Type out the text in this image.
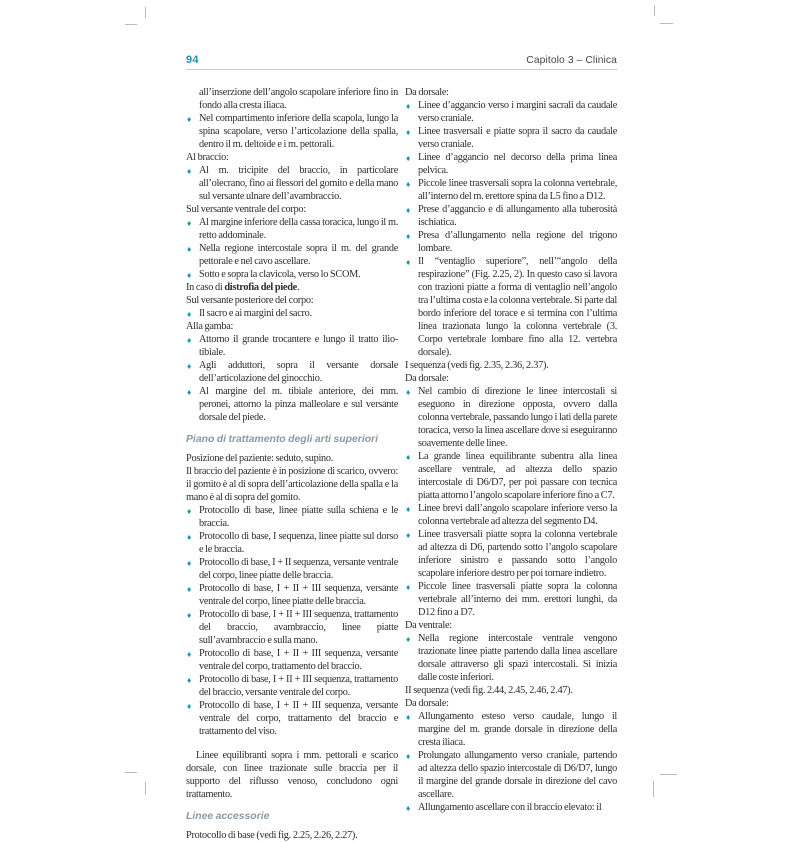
94	Capitolo 3 – Clinica
all’inserzione dell’angolo scapolare inferiore fino in fondo alla cresta iliaca.
♦ Nel compartimento inferiore della scapola, lungo la spina scapolare, verso l’articolazione della spalla, dentro il m. deltoide e i m. pettorali.
Al braccio:
♦ Al m. tricipite del braccio, in particolare all’olecrano, fino ai flessori del gomito e della mano sul versante ulnare dell’avambraccio.
Sul versante ventrale del corpo:
♦ Al margine inferiore della cassa toracica, lungo il m. retto addominale.
♦ Nella regione intercostale sopra il m. del grande pettorale e nel cavo ascellare.
♦ Sotto e sopra la clavicola, verso lo SCOM.
In caso di distrofia del piede.
Sul versante posteriore del corpo:
♦ Il sacro e ai margini del sacro.
Alla gamba:
♦ Attorno il grande trocantere e lungo il tratto ilio-tibiale.
♦ Agli adduttori, sopra il versante dorsale dell’articolazione del ginocchio.
♦ Al margine del m. tibiale anteriore, dei mm. peronei, attorno la pinza malleolare e sul versante dorsale del piede.
Piano di trattamento degli arti superiori
Posizione del paziente: seduto, supino.
Il braccio del paziente è in posizione di scarico, ovvero: il gomito è al di sopra dell’articolazione della spalla e la mano è al di sopra del gomito.
♦ Protocollo di base, linee piatte sulla schiena e le braccia.
♦ Protocollo di base, I sequenza, linee piatte sul dorso e le braccia.
♦ Protocollo di base, I + II sequenza, versante ventrale del corpo, linee piatte delle braccia.
♦ Protocollo di base, I + II + III sequenza, versante ventrale del corpo, linee piatte delle braccia.
♦ Protocollo di base, I + II + III sequenza, trattamento del braccio, avambraccio, linee piatte sull’avambraccio e sulla mano.
♦ Protocollo di base, I + II + III sequenza, versante ventrale del corpo, trattamento del braccio.
♦ Protocollo di base, I + II + III sequenza, trattamento del braccio, versante ventrale del corpo.
♦ Protocollo di base, I + II + III sequenza, versante ventrale del corpo, trattamento del braccio e trattamento del viso.
Linee equilibranti sopra i mm. pettorali e scarico dorsale, con linee trazionate sulle braccia per il supporto del riflusso venoso, concludono ogni trattamento.
Linee accessorie
Protocollo di base (vedi fig. 2.25, 2.26, 2.27).
Da dorsale:
♦ Linee d’aggancio verso i margini sacrali da caudale verso craniale.
♦ Linee trasversali e piatte sopra il sacro da caudale verso craniale.
♦ Linee d’aggancio nel decorso della prima linea pelvica.
♦ Piccole linee trasversali sopra la colonna vertebrale, all’interno del m. erettore spina da L5 fino a D12.
♦ Prese d’aggancio e di allungamento alla tuberosità ischiatica.
♦ Presa d’allungamento nella regione del trigono lombare.
♦ Il “ventaglio superiore”, nell’“angolo della respirazione” (Fig. 2.25, 2). In questo caso si lavora con trazioni piatte a forma di ventaglio nell’angolo tra l’ultima costa e la colonna vertebrale. Si parte dal bordo inferiore del torace e si termina con l’ultima linea trazionata lungo la colonna vertebrale (3. Corpo vertebrale lombare fino alla 12. vertebra dorsale).
I sequenza (vedi fig. 2.35, 2.36, 2.37).
Da dorsale:
♦ Nel cambio di direzione le linee intercostali si eseguono in direzione opposta, ovvero dalla colonna vertebrale, passando lungo i lati della parete toracica, verso la linea ascellare dove si eseguiranno soavemente delle linee.
♦ La grande linea equilibrante subentra alla linea ascellare ventrale, ad altezza dello spazio intercostale di D6/D7, per poi passare con tecnica piatta attorno l’angolo scapolare inferiore fino a C7.
♦ Linee brevi dall’angolo scapolare inferiore verso la colonna vertebrale ad altezza del segmento D4.
♦ Linee trasversali piatte sopra la colonna vertebrale ad altezza di D6, partendo sotto l’angolo scapolare inferiore sinistro e passando sotto l’angolo scapolare inferiore destro per poi tornare indietro.
♦ Piccole linee trasversali piatte sopra la colonna vertebrale all’interno dei mm. erettori lunghi, da D12 fino a D7.
Da ventrale:
♦ Nella regione intercostale ventrale vengono trazionate linee piatte partendo dalla linea ascellare dorsale attraverso gli spazi intercostali. Si inizia dalle coste inferiori.
II sequenza (vedi fig. 2.44, 2.45, 2.46, 2.47).
Da dorsale:
♦ Allungamento esteso verso caudale, lungo il margine del m. grande dorsale in direzione della cresta iliaca.
♦ Prolungato allungamento verso craniale, partendo ad altezza dello spazio intercostale di D6/D7, lungo il margine del grande dorsale in direzione del cavo ascellare.
♦ Allungamento ascellare con il braccio elevato: il
